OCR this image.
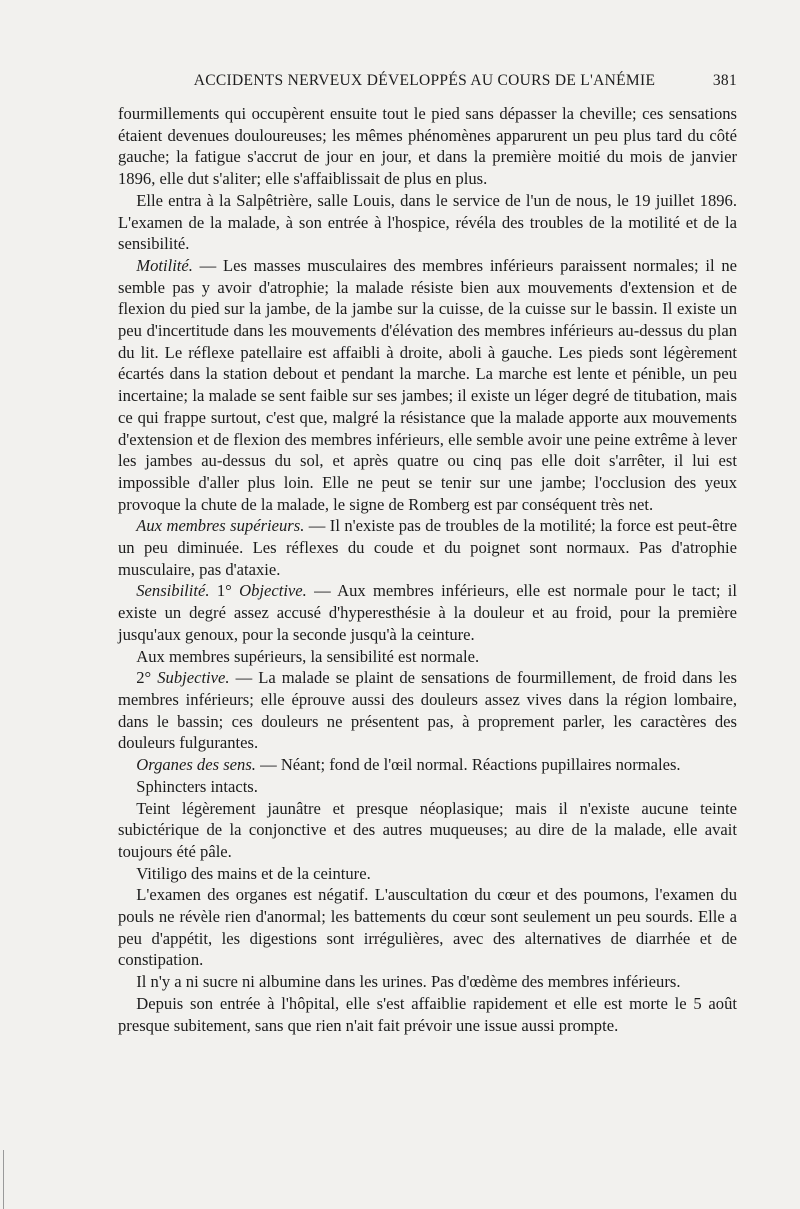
ACCIDENTS NERVEUX DÉVELOPPÉS AU COURS DE L'ANÉMIE	381

fourmillements qui occupèrent ensuite tout le pied sans dépasser la cheville; ces sensations étaient devenues douloureuses; les mêmes phénomènes apparurent un peu plus tard du côté gauche; la fatigue s'accrut de jour en jour, et dans la première moitié du mois de janvier 1896, elle dut s'aliter; elle s'affaiblissait de plus en plus.

Elle entra à la Salpêtrière, salle Louis, dans le service de l'un de nous, le 19 juillet 1896. L'examen de la malade, à son entrée à l'hospice, révéla des troubles de la motilité et de la sensibilité.

Motilité. — Les masses musculaires des membres inférieurs paraissent normales; il ne semble pas y avoir d'atrophie; la malade résiste bien aux mouvements d'extension et de flexion du pied sur la jambe, de la jambe sur la cuisse, de la cuisse sur le bassin. Il existe un peu d'incertitude dans les mouvements d'élévation des membres inférieurs au-dessus du plan du lit. Le réflexe patellaire est affaibli à droite, aboli à gauche. Les pieds sont légèrement écartés dans la station debout et pendant la marche. La marche est lente et pénible, un peu incertaine; la malade se sent faible sur ses jambes; il existe un léger degré de titubation, mais ce qui frappe surtout, c'est que, malgré la résistance que la malade apporte aux mouvements d'extension et de flexion des membres inférieurs, elle semble avoir une peine extrême à lever les jambes au-dessus du sol, et après quatre ou cinq pas elle doit s'arrêter, il lui est impossible d'aller plus loin. Elle ne peut se tenir sur une jambe; l'occlusion des yeux provoque la chute de la malade, le signe de Romberg est par conséquent très net.

Aux membres supérieurs. — Il n'existe pas de troubles de la motilité; la force est peut-être un peu diminuée. Les réflexes du coude et du poignet sont normaux. Pas d'atrophie musculaire, pas d'ataxie.

Sensibilité. 1° Objective. — Aux membres inférieurs, elle est normale pour le tact; il existe un degré assez accusé d'hyperesthésie à la douleur et au froid, pour la première jusqu'aux genoux, pour la seconde jusqu'à la ceinture.

Aux membres supérieurs, la sensibilité est normale.

2° Subjective. — La malade se plaint de sensations de fourmillement, de froid dans les membres inférieurs; elle éprouve aussi des douleurs assez vives dans la région lombaire, dans le bassin; ces douleurs ne présentent pas, à proprement parler, les caractères des douleurs fulgurantes.

Organes des sens. — Néant; fond de l'œil normal. Réactions pupillaires normales.

Sphincters intacts.

Teint légèrement jaunâtre et presque néoplasique; mais il n'existe aucune teinte subictérique de la conjonctive et des autres muqueuses; au dire de la malade, elle avait toujours été pâle.

Vitiligo des mains et de la ceinture.

L'examen des organes est négatif. L'auscultation du cœur et des poumons, l'examen du pouls ne révèle rien d'anormal; les battements du cœur sont seulement un peu sourds. Elle a peu d'appétit, les digestions sont irrégulières, avec des alternatives de diarrhée et de constipation.

Il n'y a ni sucre ni albumine dans les urines. Pas d'œdème des membres inférieurs.

Depuis son entrée à l'hôpital, elle s'est affaiblie rapidement et elle est morte le 5 août presque subitement, sans que rien n'ait fait prévoir une issue aussi prompte.
